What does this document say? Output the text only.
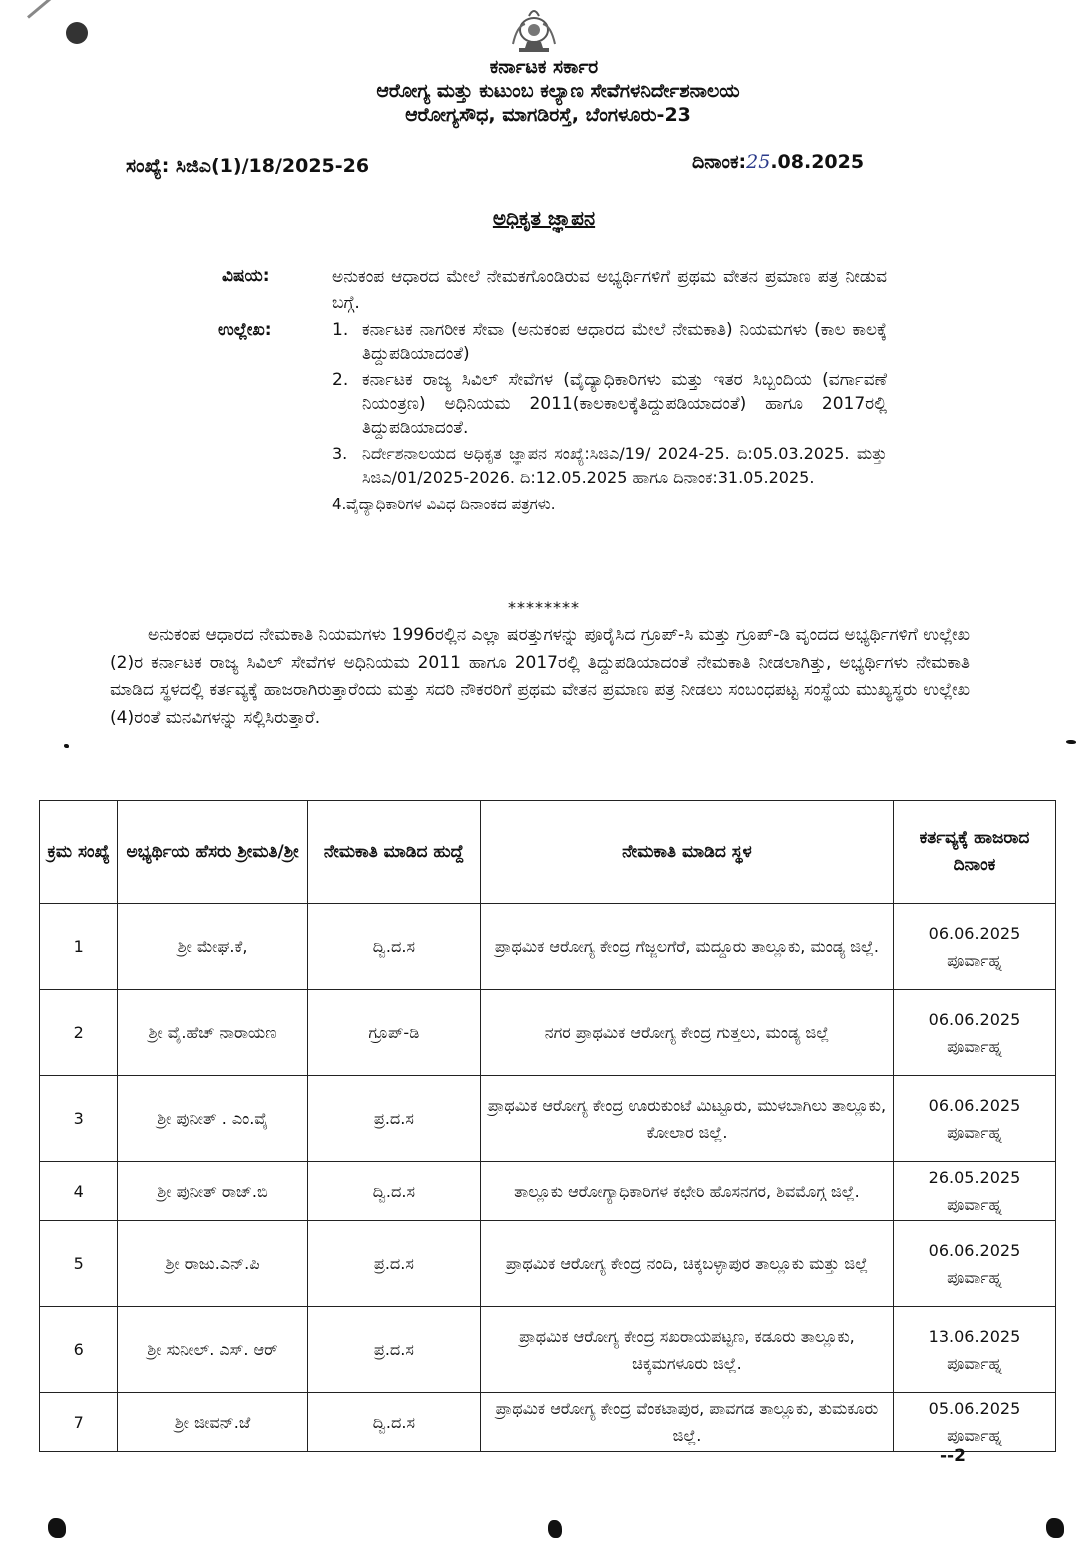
ಕರ್ನಾಟಕ ಸರ್ಕಾರ
ಆರೋಗ್ಯ ಮತ್ತು ಕುಟುಂಬ ಕಲ್ಯಾಣ ಸೇವೆಗಳನಿರ್ದೇಶನಾಲಯ
ಆರೋಗ್ಯಸೌಧ, ಮಾಗಡಿರಸ್ತೆ, ಬೆಂಗಳೂರು-23
ಸಂಖ್ಯೆ: ಸಿಜಿಎ(1)/18/2025-26	ದಿನಾಂಕ:25.08.2025
ಅಧಿಕೃತ ಜ್ಞಾಪನ
ವಿಷಯ:	ಅನುಕಂಪ ಆಧಾರದ ಮೇಲೆ ನೇಮಕಗೊಂಡಿರುವ ಅಭ್ಯರ್ಥಿಗಳಿಗೆ ಪ್ರಥಮ ವೇತನ ಪ್ರಮಾಣ ಪತ್ರ ನೀಡುವ ಬಗ್ಗೆ.
ಉಲ್ಲೇಖ:	1. ಕರ್ನಾಟಕ ನಾಗರೀಕ ಸೇವಾ (ಅನುಕಂಪ ಆಧಾರದ ಮೇಲೆ ನೇಮಕಾತಿ) ನಿಯಮಗಳು (ಕಾಲ ಕಾಲಕ್ಕೆ ತಿದ್ದುಪಡಿಯಾದಂತೆ)
2. ಕರ್ನಾಟಕ ರಾಜ್ಯ ಸಿವಿಲ್ ಸೇವೆಗಳ (ವೈದ್ಯಾಧಿಕಾರಿಗಳು ಮತ್ತು ಇತರ ಸಿಬ್ಬಂದಿಯ (ವರ್ಗಾವಣೆ ನಿಯಂತ್ರಣ) ಅಧಿನಿಯಮ 2011(ಕಾಲಕಾಲಕ್ಕೆತಿದ್ದುಪಡಿಯಾದಂತೆ) ಹಾಗೂ 2017ರಲ್ಲಿ ತಿದ್ದುಪಡಿಯಾದಂತೆ.
3. ನಿರ್ದೇಶನಾಲಯದ ಅಧಿಕೃತ ಜ್ಞಾಪನ ಸಂಖ್ಯೆ:ಸಿಜಿಎ/19/ 2024-25. ದಿ:05.03.2025. ಮತ್ತು ಸಿಜಿಎ/01/2025-2026. ದಿ:12.05.2025 ಹಾಗೂ ದಿನಾಂಕ:31.05.2025.
4. ವೈದ್ಯಾಧಿಕಾರಿಗಳ ವಿವಿಧ ದಿನಾಂಕದ ಪತ್ರಗಳು.
********
ಅನುಕಂಪ ಆಧಾರದ ನೇಮಕಾತಿ ನಿಯಮಗಳು 1996ರಲ್ಲಿನ ಎಲ್ಲಾ ಷರತ್ತುಗಳನ್ನು ಪೂರೈಸಿದ ಗ್ರೂಪ್-ಸಿ ಮತ್ತು ಗ್ರೂಪ್-ಡಿ ವೃಂದದ ಅಭ್ಯರ್ಥಿಗಳಿಗೆ ಉಲ್ಲೇಖ (2)ರ ಕರ್ನಾಟಕ ರಾಜ್ಯ ಸಿವಿಲ್ ಸೇವೆಗಳ ಅಧಿನಿಯಮ 2011 ಹಾಗೂ 2017ರಲ್ಲಿ ತಿದ್ದುಪಡಿಯಾದಂತೆ ನೇಮಕಾತಿ ನೀಡಲಾಗಿತ್ತು, ಅಭ್ಯರ್ಥಿಗಳು ನೇಮಕಾತಿ ಮಾಡಿದ ಸ್ಥಳದಲ್ಲಿ ಕರ್ತವ್ಯಕ್ಕೆ ಹಾಜರಾಗಿರುತ್ತಾರೆಂದು ಮತ್ತು ಸದರಿ ನೌಕರರಿಗೆ ಪ್ರಥಮ ವೇತನ ಪ್ರಮಾಣ ಪತ್ರ ನೀಡಲು ಸಂಬಂಧಪಟ್ಟ ಸಂಸ್ಥೆಯ ಮುಖ್ಯಸ್ಥರು ಉಲ್ಲೇಖ (4)ರಂತೆ ಮನವಿಗಳನ್ನು ಸಲ್ಲಿಸಿರುತ್ತಾರೆ.
ಕ್ರಮ ಸಂಖ್ಯೆ	ಅಭ್ಯರ್ಥಿಯ ಹೆಸರು ಶ್ರೀಮತಿ/ಶ್ರೀ	ನೇಮಕಾತಿ ಮಾಡಿದ ಹುದ್ದೆ	ನೇಮಕಾತಿ ಮಾಡಿದ ಸ್ಥಳ	ಕರ್ತವ್ಯಕ್ಕೆ ಹಾಜರಾದ ದಿನಾಂಕ
1	ಶ್ರೀ ಮೇಘ.ಕೆ,	ದ್ವಿ.ದ.ಸ	ಪ್ರಾಥಮಿಕ ಆರೋಗ್ಯ ಕೇಂದ್ರ ಗೆಜ್ಜಲಗೆರೆ, ಮದ್ದೂರು ತಾಲ್ಲೂಕು, ಮಂಡ್ಯ ಜಿಲ್ಲೆ.	06.06.2025
ಪೂರ್ವಾಹ್ನ

2	ಶ್ರೀ ವೈ.ಹೆಚ್ ನಾರಾಯಣ	ಗ್ರೂಪ್-ಡಿ	ನಗರ ಪ್ರಾಥಮಿಕ ಆರೋಗ್ಯ ಕೇಂದ್ರ ಗುತ್ತಲು, ಮಂಡ್ಯ ಜಿಲ್ಲೆ	06.06.2025
ಪೂರ್ವಾಹ್ನ

3	ಶ್ರೀ ಪುನೀತ್ . ಎಂ.ವೈ	ಪ್ರ.ದ.ಸ	ಪ್ರಾಥಮಿಕ ಆರೋಗ್ಯ ಕೇಂದ್ರ ಊರುಕುಂಟೆ ಮಿಟ್ಟೂರು, ಮುಳಬಾಗಿಲು ತಾಲ್ಲೂಕು, ಕೋಲಾರ ಜಿಲ್ಲೆ.	06.06.2025
ಪೂರ್ವಾಹ್ನ

4	ಶ್ರೀ ಪುನೀತ್ ರಾಜ್.ಬಿ	ದ್ವಿ.ದ.ಸ	ತಾಲ್ಲೂಕು ಆರೋಗ್ಯಾಧಿಕಾರಿಗಳ ಕಛೇರಿ ಹೊಸನಗರ, ಶಿವಮೊಗ್ಗ ಜಿಲ್ಲೆ.	26.05.2025
ಪೂರ್ವಾಹ್ನ

5	ಶ್ರೀ ರಾಜು.ಎನ್.ಪಿ	ಪ್ರ.ದ.ಸ	ಪ್ರಾಥಮಿಕ ಆರೋಗ್ಯ ಕೇಂದ್ರ ನಂದಿ, ಚಿಕ್ಕಬಳ್ಳಾಪುರ ತಾಲ್ಲೂಕು ಮತ್ತು ಜಿಲ್ಲೆ	06.06.2025
ಪೂರ್ವಾಹ್ನ

6	ಶ್ರೀ ಸುನೀಲ್. ಎಸ್. ಆರ್	ಪ್ರ.ದ.ಸ	ಪ್ರಾಥಮಿಕ ಆರೋಗ್ಯ ಕೇಂದ್ರ ಸಖರಾಯಪಟ್ಟಣ, ಕಡೂರು ತಾಲ್ಲೂಕು, ಚಿಕ್ಕಮಗಳೂರು ಜಿಲ್ಲೆ.	13.06.2025
ಪೂರ್ವಾಹ್ನ

7	ಶ್ರೀ ಜೀವನ್.ಜೆ	ದ್ವಿ.ದ.ಸ	ಪ್ರಾಥಮಿಕ ಆರೋಗ್ಯ ಕೇಂದ್ರ ವೆಂಕಟಾಪುರ, ಪಾವಗಡ ತಾಲ್ಲೂಕು, ತುಮಕೂರು ಜಿಲ್ಲೆ.	05.06.2025
ಪೂರ್ವಾಹ್ನ
--2
